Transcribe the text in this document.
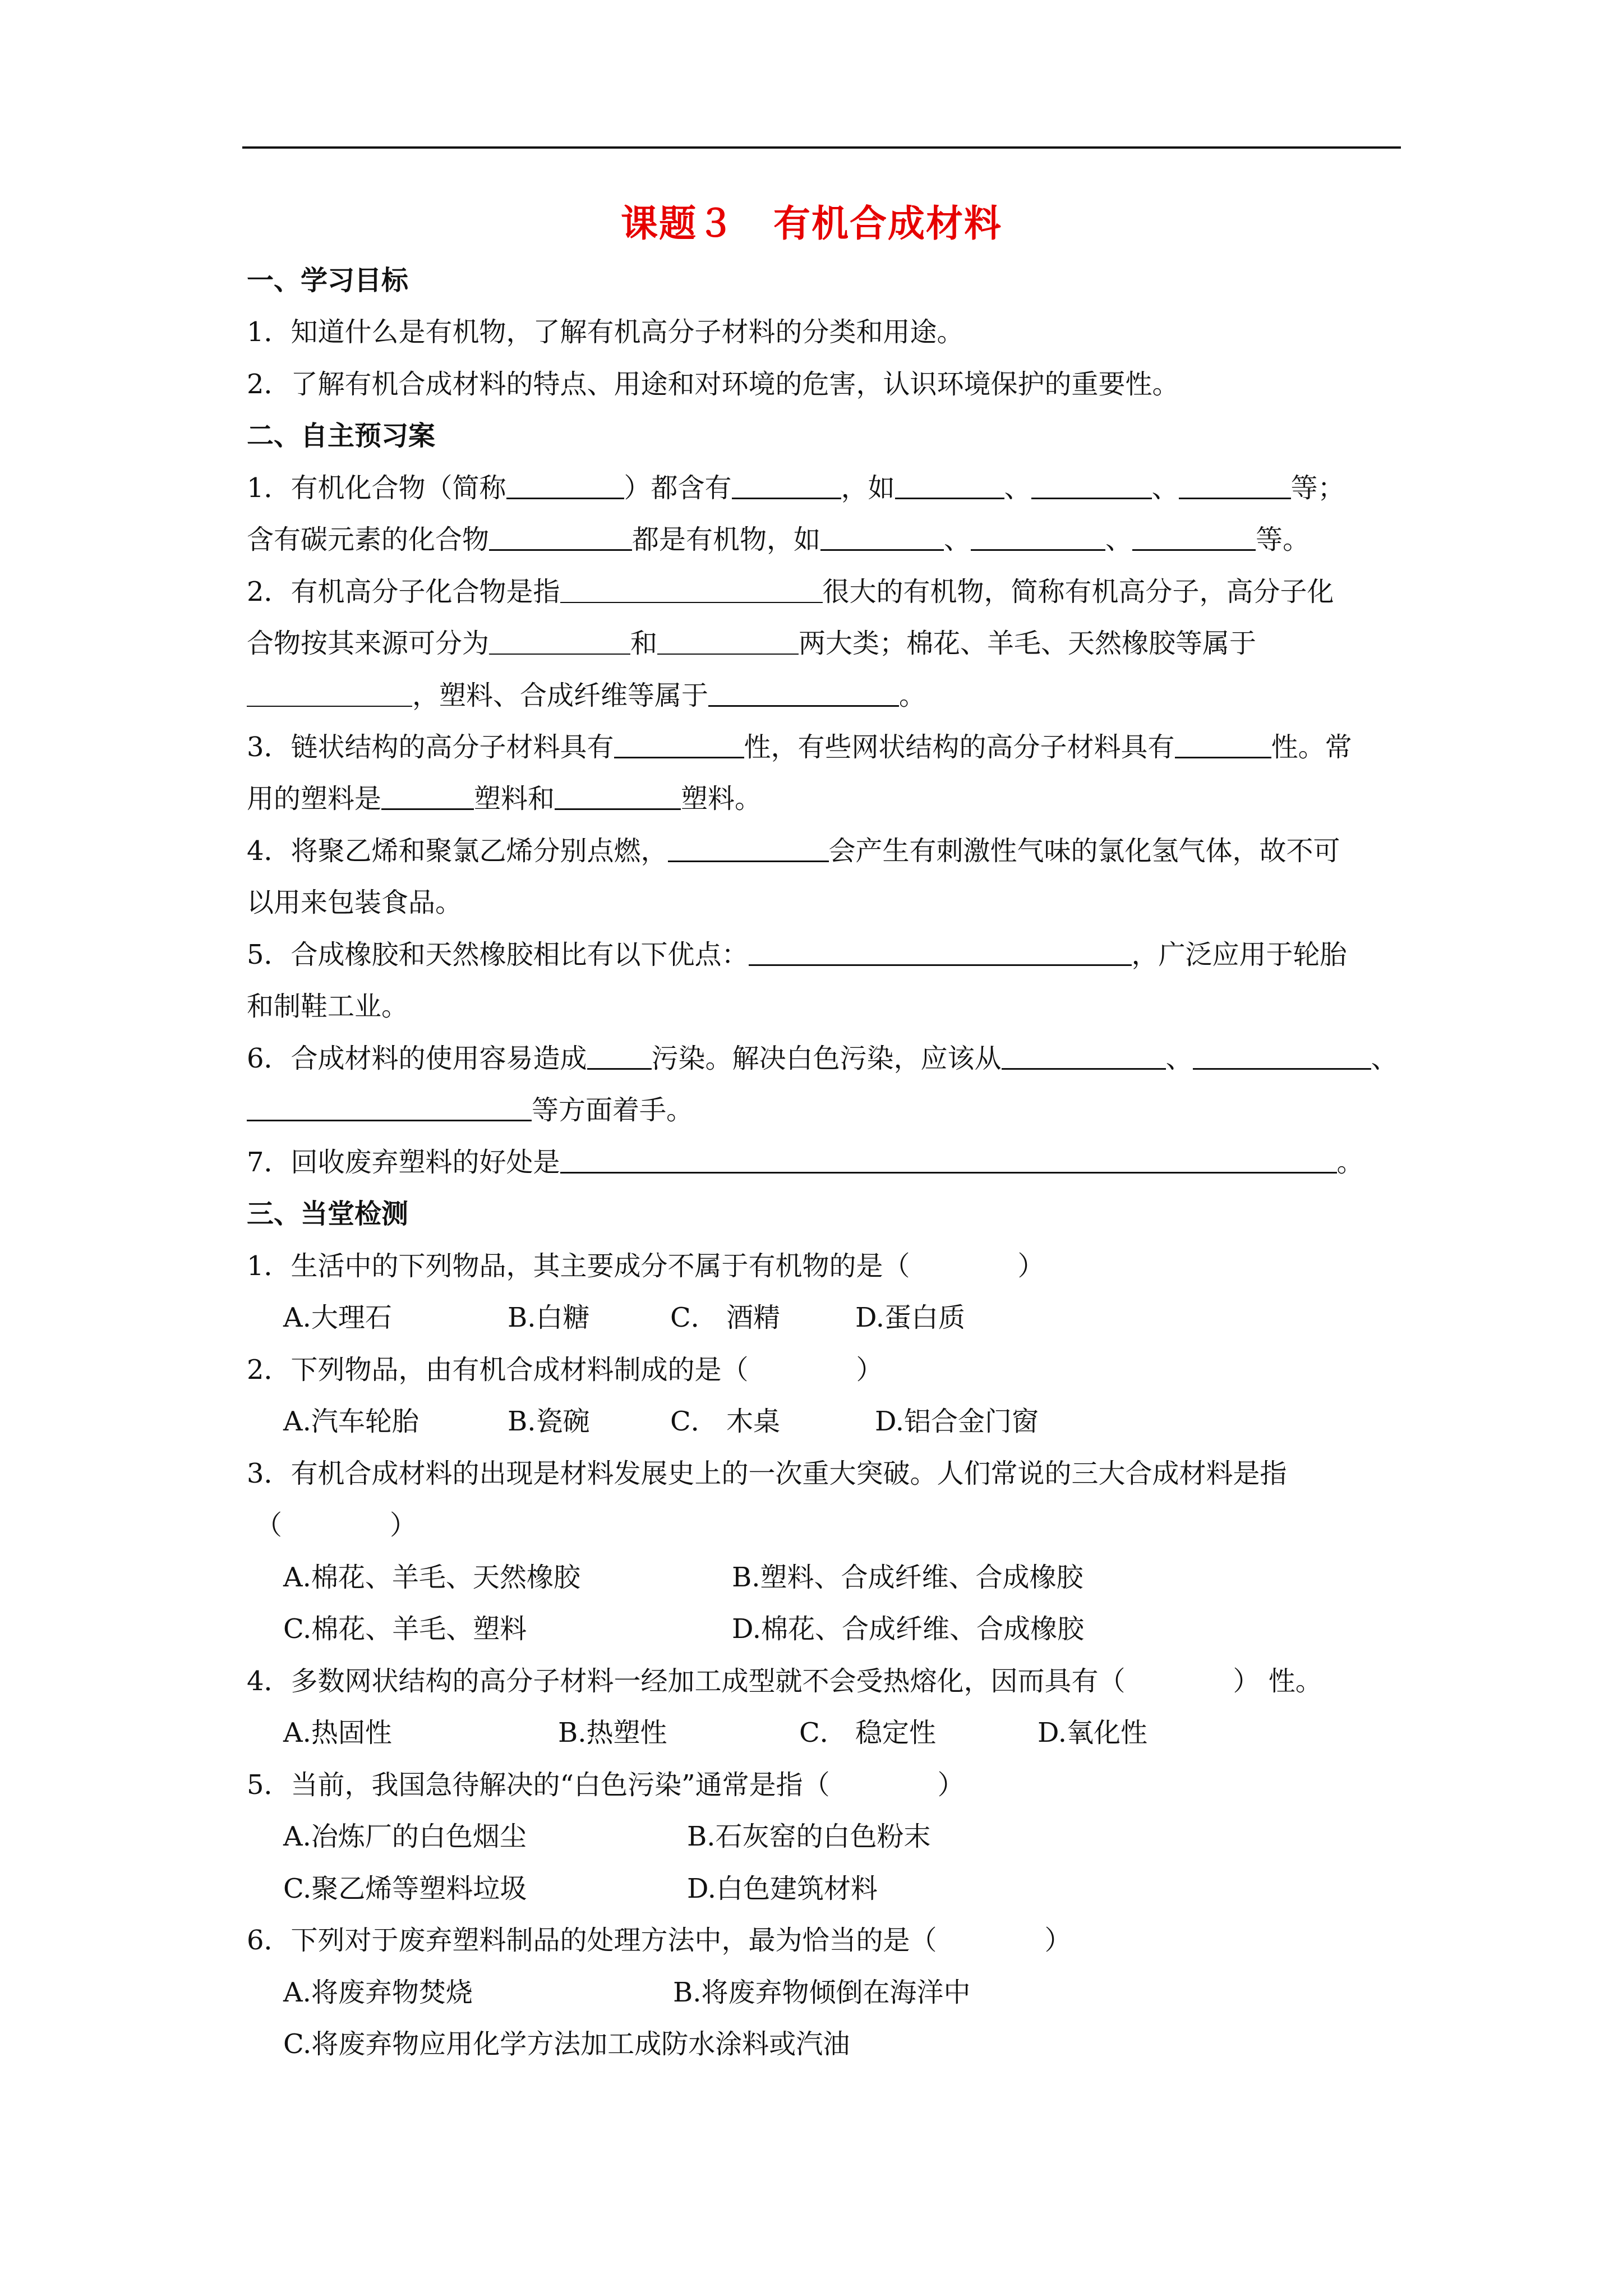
课题３　有机合成材料
一、学习目标
1．知道什么是有机物，了解有机高分子材料的分类和用途。
2．了解有机合成材料的特点、用途和对环境的危害，认识环境保护的重要性。
二、自主预习案
1．有机化合物（简称	）都含有	，如	、	、	等；
含有碳元素的化合物	都是有机物，如	、	、	等。
2．有机高分子化合物是指	很大的有机物，简称有机高分子，高分子化
合物按其来源可分为	和	两大类；棉花、羊毛、天然橡胶等属于
，塑料、合成纤维等属于	。
3．链状结构的高分子材料具有	性，有些网状结构的高分子材料具有	性。常
用的塑料是	塑料和	塑料。
4．将聚乙烯和聚氯乙烯分别点燃，	会产生有刺激性气味的氯化氢气体，故不可
以用来包装食品。
5．合成橡胶和天然橡胶相比有以下优点：	，广泛应用于轮胎
和制鞋工业。
6．合成材料的使用容易造成 污染。解决白色污染，应该从	、	、
等方面着手。
7．回收废弃塑料的好处是	。
三、当堂检测
1．生活中的下列物品，其主要成分不属于有机物的是（　　　　）
A.大理石	B.白糖	C． 酒精	D.蛋白质
2．下列物品，由有机合成材料制成的是（　　　　）
A.汽车轮胎	B.瓷碗	C． 木桌	D.铝合金门窗
3．有机合成材料的出现是材料发展史上的一次重大突破。人们常说的三大合成材料是指
（　　　　）
A.棉花、羊毛、天然橡胶	B.塑料、合成纤维、合成橡胶
C.棉花、羊毛、塑料	D.棉花、合成纤维、合成橡胶
4．多数网状结构的高分子材料一经加工成型就不会受热熔化，因而具有（　　　　） 性。
A.热固性	B.热塑性	C． 稳定性	D.氧化性
5．当前，我国急待解决的“白色污染”通常是指（　　　　）
A.冶炼厂的白色烟尘	B.石灰窑的白色粉末
C.聚乙烯等塑料垃圾	D.白色建筑材料
6．下列对于废弃塑料制品的处理方法中，最为恰当的是（　　　　）
A.将废弃物焚烧	B.将废弃物倾倒在海洋中
C.将废弃物应用化学方法加工成防水涂料或汽油
